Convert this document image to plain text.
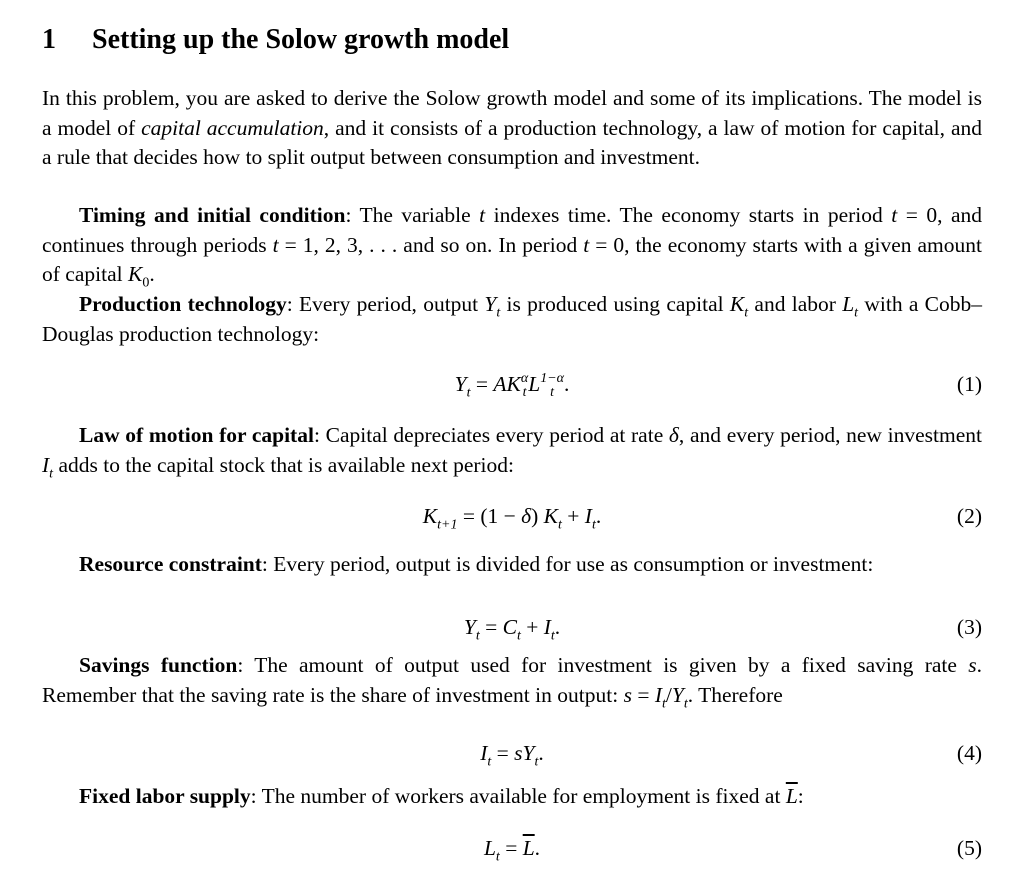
1 Setting up the Solow growth model
In this problem, you are asked to derive the Solow growth model and some of its implications. The model is a model of capital accumulation, and it consists of a production technology, a law of motion for capital, and a rule that decides how to split output between consumption and investment.
Timing and initial condition: The variable t indexes time. The economy starts in period t = 0, and continues through periods t = 1, 2, 3, . . . and so on. In period t = 0, the economy starts with a given amount of capital $K_0$.
Production technology: Every period, output $Y_t$ is produced using capital $K_t$ and labor $L_t$ with a Cobb–Douglas production technology:
$Y_t$ = AK α
t L 1−α
t .	(1)
Law of motion for capital: Capital depreciates every period at rate δ, and every period, new investment $I_t$ adds to the capital stock that is available next period:
$K_{t+1} = (1 - \delta) K_t + I_t$.	(2)
Resource constraint: Every period, output is divided for use as consumption or investment:
$Y_t = C_t + I_t$.	(3)
Savings function: The amount of output used for investment is given by a fixed saving rate s. Remember that the saving rate is the share of investment in output: $s = I_t/Y_t$. Therefore
$I_t = sY_t$.	(4)
Fixed labor supply: The number of workers available for employment is fixed at $\overline{L}$:
$L_t = \overline{L}$.	(5)
